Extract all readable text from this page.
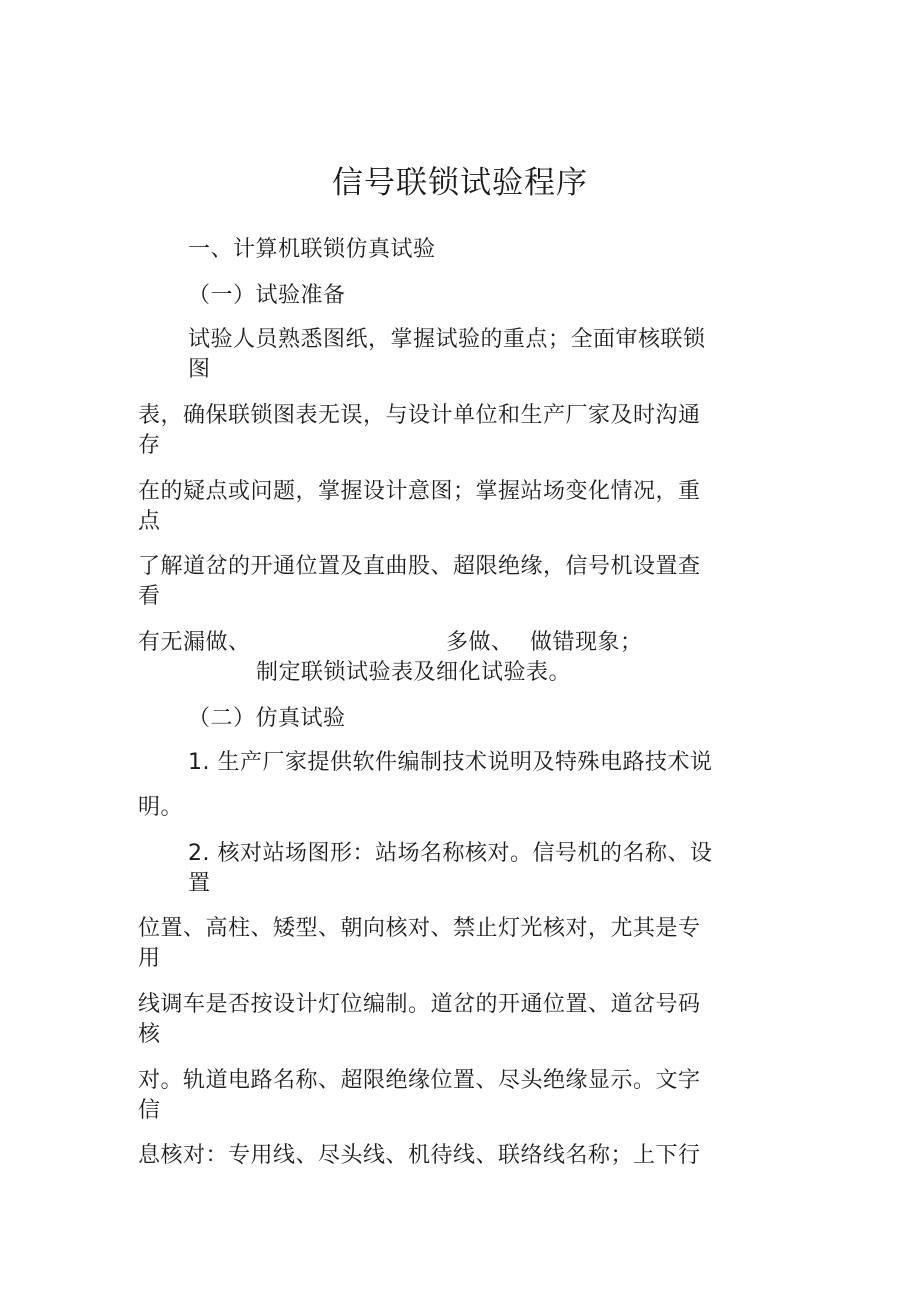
信号联锁试验程序
一、计算机联锁仿真试验
（一）试验准备
试验人员熟悉图纸，掌握试验的重点；全面审核联锁
图
表，确保联锁图表无误，与设计单位和生产厂家及时沟通
存
在的疑点或问题，掌握设计意图；掌握站场变化情况，重
点
了解道岔的开通位置及直曲股、超限绝缘，信号机设置查
看
有无漏做、	多做、 做错现象；
制定联锁试验表及细化试验表。
（二）仿真试验
1. 生产厂家提供软件编制技术说明及特殊电路技术说
明。
2. 核对站场图形：站场名称核对。信号机的名称、设
置
位置、高柱、矮型、朝向核对、禁止灯光核对，尤其是专
用
线调车是否按设计灯位编制。道岔的开通位置、道岔号码
核
对。轨道电路名称、超限绝缘位置、尽头绝缘显示。文字
信
息核对：专用线、尽头线、机待线、联络线名称；上下行
